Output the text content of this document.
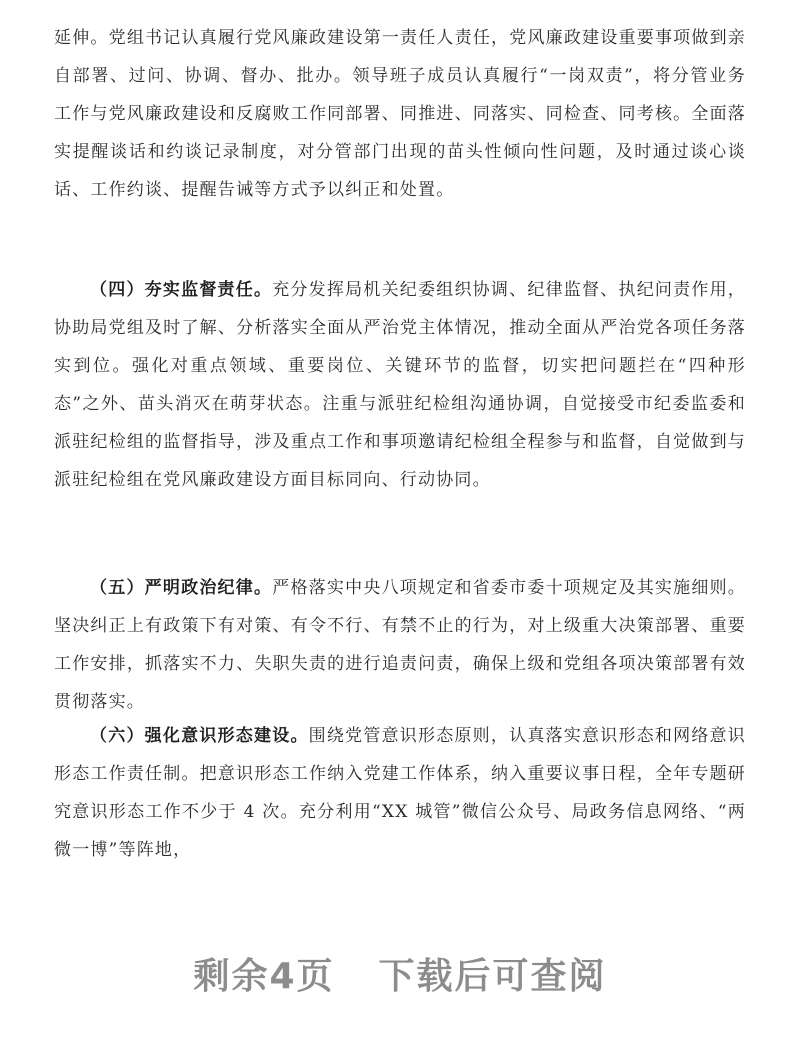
延伸。党组书记认真履行党风廉政建设第一责任人责任，党风廉政建设重要事项做到亲自部署、过问、协调、督办、批办。领导班子成员认真履行“一岗双责”，将分管业务工作与党风廉政建设和反腐败工作同部署、同推进、同落实、同检查、同考核。全面落实提醒谈话和约谈记录制度，对分管部门出现的苗头性倾向性问题，及时通过谈心谈话、工作约谈、提醒告诫等方式予以纠正和处置。

（四）夯实监督责任。充分发挥局机关纪委组织协调、纪律监督、执纪问责作用，协助局党组及时了解、分析落实全面从严治党主体情况，推动全面从严治党各项任务落实到位。强化对重点领域、重要岗位、关键环节的监督，切实把问题拦在“四种形态”之外、苗头消灭在萌芽状态。注重与派驻纪检组沟通协调，自觉接受市纪委监委和派驻纪检组的监督指导，涉及重点工作和事项邀请纪检组全程参与和监督，自觉做到与派驻纪检组在党风廉政建设方面目标同向、行动协同。

（五）严明政治纪律。严格落实中央八项规定和省委市委十项规定及其实施细则。坚决纠正上有政策下有对策、有令不行、有禁不止的行为，对上级重大决策部署、重要工作安排，抓落实不力、失职失责的进行追责问责，确保上级和党组各项决策部署有效贯彻落实。

（六）强化意识形态建设。围绕党管意识形态原则，认真落实意识形态和网络意识形态工作责任制。把意识形态工作纳入党建工作体系，纳入重要议事日程，全年专题研究意识形态工作不少于 4 次。充分利用“XX 城管”微信公众号、局政务信息网络、“两微一博”等阵地，

剩余4页 下载后可查阅
